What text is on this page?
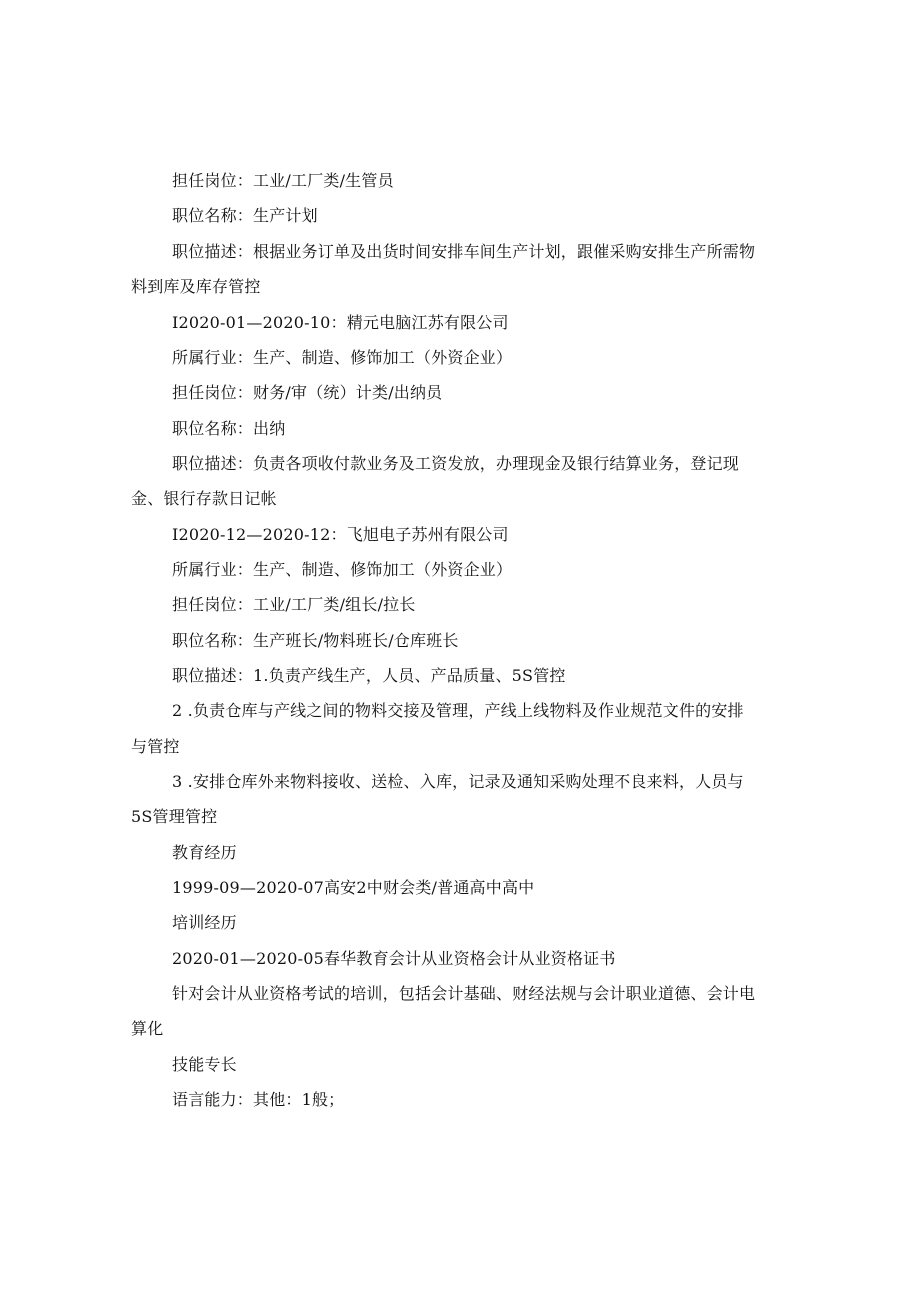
担任岗位：工业/工厂类/生管员
职位名称：生产计划
职位描述：根据业务订单及出货时间安排车间生产计划，跟催采购安排生产所需物
料到库及库存管控
I2020-01—2020-10：精元电脑江苏有限公司
所属行业：生产、制造、修饰加工（外资企业）
担任岗位：财务/审（统）计类/出纳员
职位名称：出纳
职位描述：负责各项收付款业务及工资发放，办理现金及银行结算业务，登记现
金、银行存款日记帐
I2020-12—2020-12：飞旭电子苏州有限公司
所属行业：生产、制造、修饰加工（外资企业）
担任岗位：工业/工厂类/组长/拉长
职位名称：生产班长/物料班长/仓库班长
职位描述：1.负责产线生产，人员、产品质量、5S管控
2 .负责仓库与产线之间的物料交接及管理，产线上线物料及作业规范文件的安排
与管控
3 .安排仓库外来物料接收、送检、入库，记录及通知采购处理不良来料，人员与
5S管理管控
教育经历
1999-09—2020-07高安2中财会类/普通高中高中
培训经历
2020-01—2020-05春华教育会计从业资格会计从业资格证书
针对会计从业资格考试的培训，包括会计基础、财经法规与会计职业道德、会计电
算化
技能专长
语言能力：其他：1般；
